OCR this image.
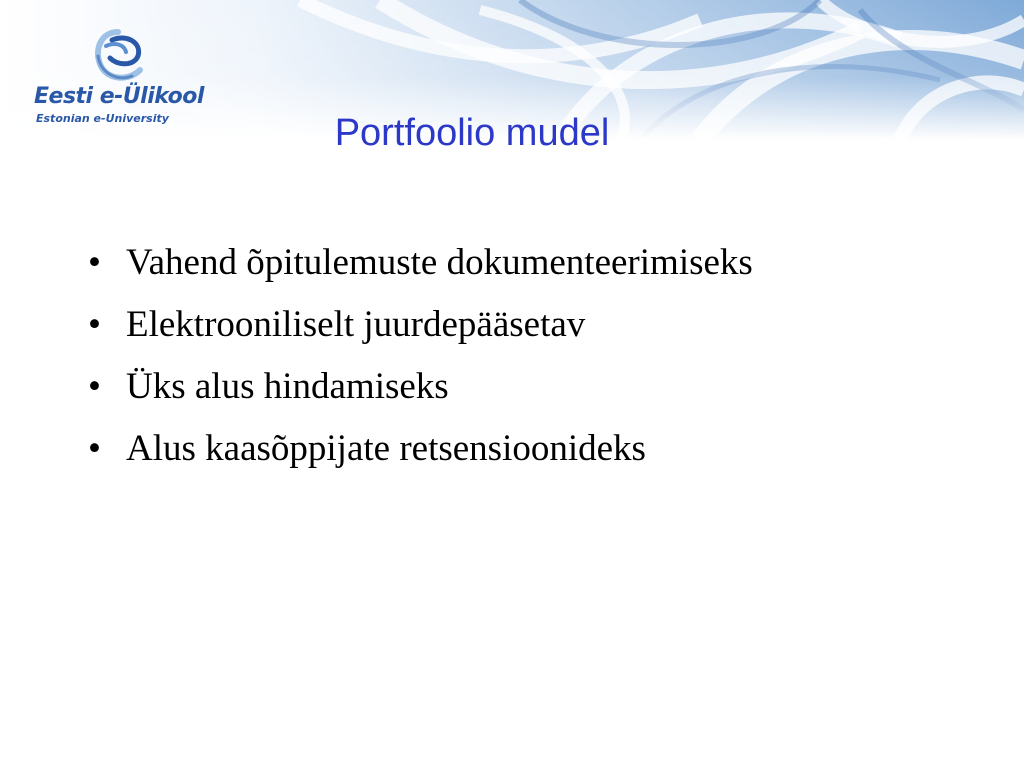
Eesti e-Ülikool
Estonian e-University	Portfoolio mudel
• Vahend õpitulemuste dokumenteerimiseks
• Elektrooniliselt juurdepääsetav
• Üks alus hindamiseks
• Alus kaasõppijate retsensioonideks
